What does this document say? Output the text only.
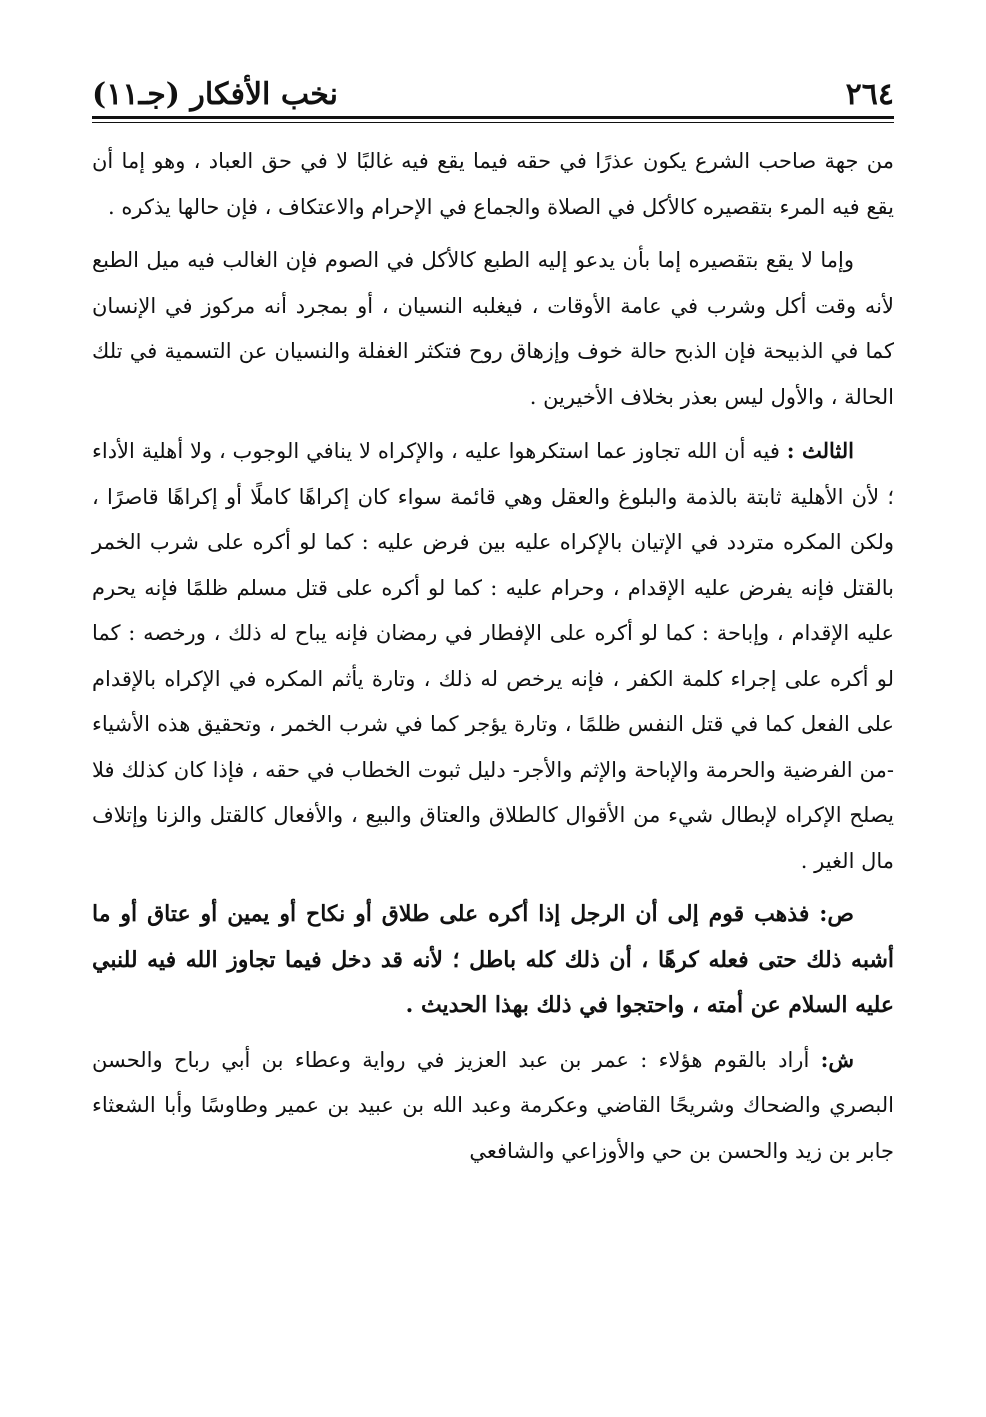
٢٦٤
نخب الأفكار (جـ١١)

من جهة صاحب الشرع يكون عذرًا في حقه فيما يقع فيه غالبًا لا في حق العباد ، وهو إما أن يقع فيه المرء بتقصيره كالأكل في الصلاة والجماع في الإحرام والاعتكاف ، فإن حالها يذكره .

وإما لا يقع بتقصيره إما بأن يدعو إليه الطبع كالأكل في الصوم فإن الغالب فيه ميل الطبع لأنه وقت أكل وشرب في عامة الأوقات ، فيغلبه النسيان ، أو بمجرد أنه مركوز في الإنسان كما في الذبيحة فإن الذبح حالة خوف وإزهاق روح فتكثر الغفلة والنسيان عن التسمية في تلك الحالة ، والأول ليس بعذر بخلاف الأخيرين .

الثالث : فيه أن الله تجاوز عما استكرهوا عليه ، والإكراه لا ينافي الوجوب ، ولا أهلية الأداء ؛ لأن الأهلية ثابتة بالذمة والبلوغ والعقل وهي قائمة سواء كان إكراهًا كاملًا أو إكراهًا قاصرًا ، ولكن المكره متردد في الإتيان بالإكراه عليه بين فرض عليه : كما لو أكره على شرب الخمر بالقتل فإنه يفرض عليه الإقدام ، وحرام عليه : كما لو أكره على قتل مسلم ظلمًا فإنه يحرم عليه الإقدام ، وإباحة : كما لو أكره على الإفطار في رمضان فإنه يباح له ذلك ، ورخصه : كما لو أكره على إجراء كلمة الكفر ، فإنه يرخص له ذلك ، وتارة يأثم المكره في الإكراه بالإقدام على الفعل كما في قتل النفس ظلمًا ، وتارة يؤجر كما في شرب الخمر ، وتحقيق هذه الأشياء -من الفرضية والحرمة والإباحة والإثم والأجر- دليل ثبوت الخطاب في حقه ، فإذا كان كذلك فلا يصلح الإكراه لإبطال شيء من الأقوال كالطلاق والعتاق والبيع ، والأفعال كالقتل والزنا وإتلاف مال الغير .

ص: فذهب قوم إلى أن الرجل إذا أكره على طلاق أو نكاح أو يمين أو عتاق أو ما أشبه ذلك حتى فعله كرهًا ، أن ذلك كله باطل ؛ لأنه قد دخل فيما تجاوز الله فيه للنبي عليه السلام عن أمته ، واحتجوا في ذلك بهذا الحديث .

ش: أراد بالقوم هؤلاء : عمر بن عبد العزيز في رواية وعطاء بن أبي رباح والحسن البصري والضحاك وشريحًا القاضي وعكرمة وعبد الله بن عبيد بن عمير وطاوسًا وأبا الشعثاء جابر بن زيد والحسن بن حي والأوزاعي والشافعي
